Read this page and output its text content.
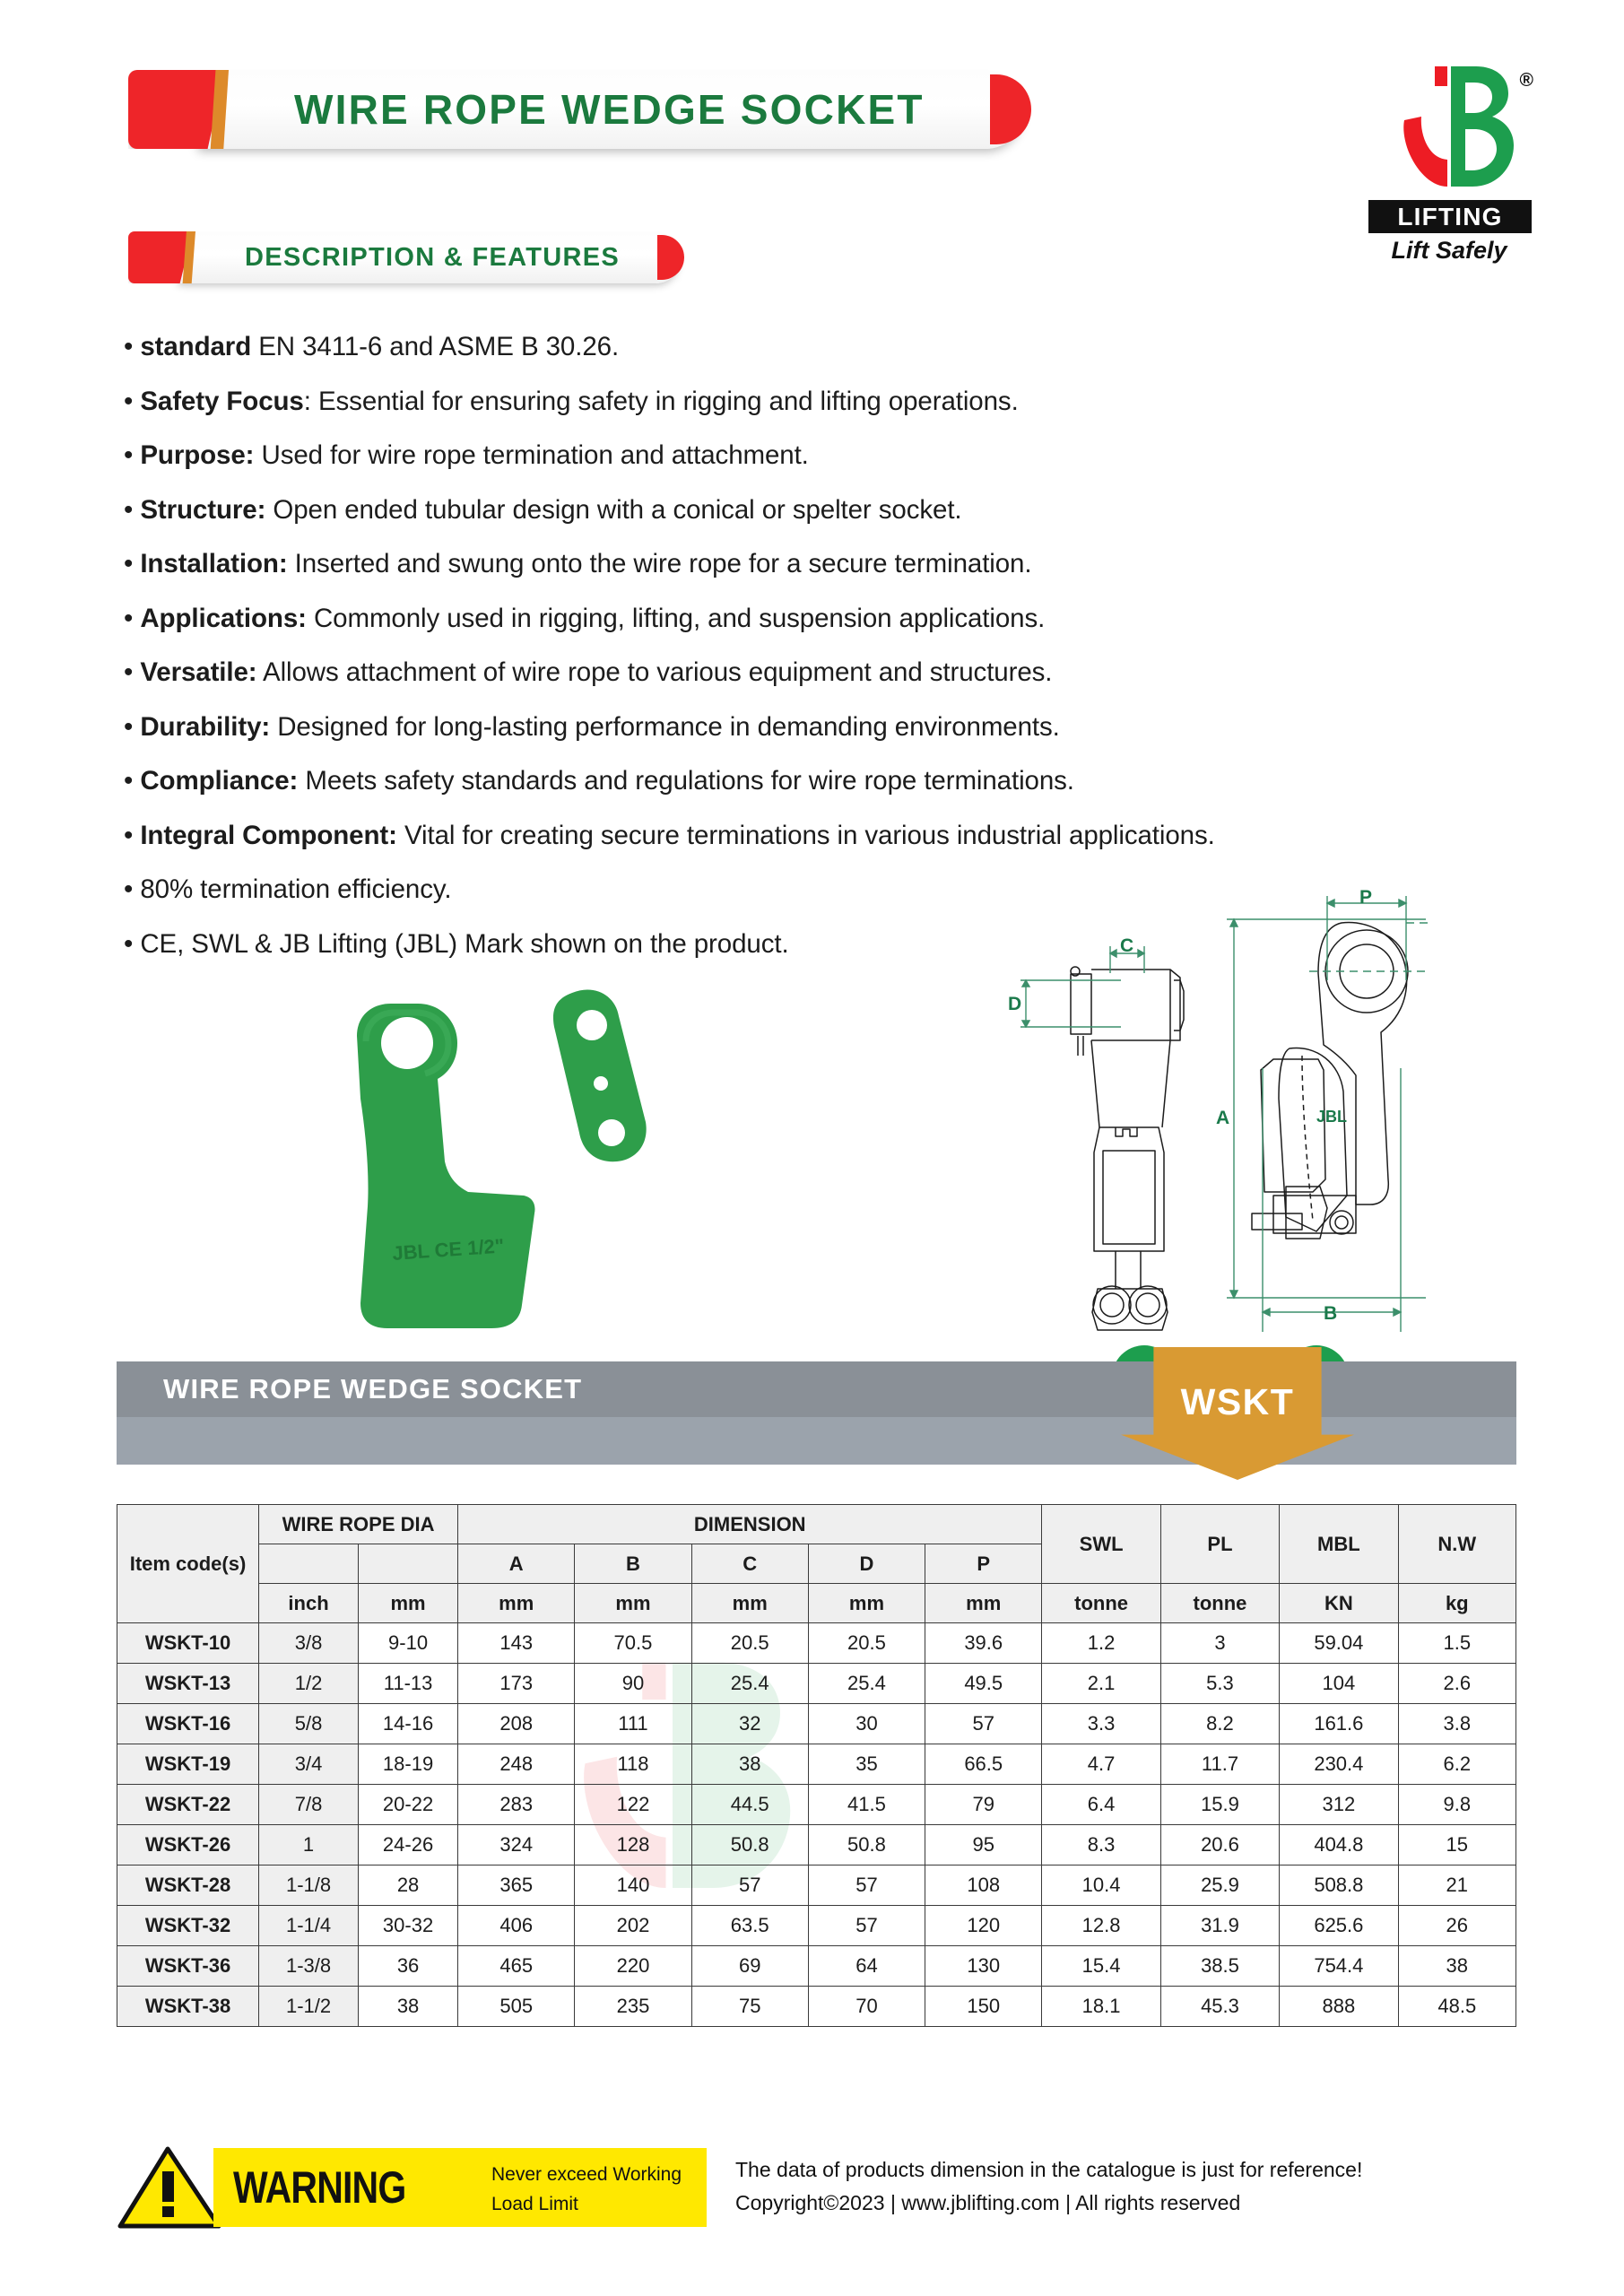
WIRE ROPE WEDGE SOCKET
®
LIFTING
Lift Safely
DESCRIPTION & FEATURES
• standard EN 3411-6 and ASME B 30.26.
• Safety Focus: Essential for ensuring safety in rigging and lifting operations.
• Purpose: Used for wire rope termination and attachment.
• Structure: Open ended tubular design with a conical or spelter socket.
• Installation: Inserted and swung onto the wire rope for a secure termination.
• Applications: Commonly used in rigging, lifting, and suspension applications.
• Versatile: Allows attachment of wire rope to various equipment and structures.
• Durability: Designed for long-lasting performance in demanding environments.
• Compliance: Meets safety standards and regulations for wire rope terminations.
• Integral Component: Vital for creating secure terminations in various industrial applications.
• 80% termination efficiency.
• CE, SWL & JB Lifting (JBL) Mark shown on the product.
JBL CE 1/2"
JBL
D
C
A
B
P
WIRE ROPE WEDGE SOCKET	WSKT
Item code(s)	WIRE ROPE DIA		DIMENSION					SWL	PL	MBL	N.W
			A	B	C	D	P				
	inch	mm	mm	mm	mm	mm	mm	tonne	tonne	KN	kg
WSKT-10	3/8	9-10	143	70.5	20.5	20.5	39.6	1.2	3	59.04	1.5
WSKT-13	1/2	11-13	173	90	25.4	25.4	49.5	2.1	5.3	104	2.6
WSKT-16	5/8	14-16	208	111	32	30	57	3.3	8.2	161.6	3.8
WSKT-19	3/4	18-19	248	118	38	35	66.5	4.7	11.7	230.4	6.2
WSKT-22	7/8	20-22	283	122	44.5	41.5	79	6.4	15.9	312	9.8
WSKT-26	1	24-26	324	128	50.8	50.8	95	8.3	20.6	404.8	15
WSKT-28	1-1/8	28	365	140	57	57	108	10.4	25.9	508.8	21
WSKT-32	1-1/4	30-32	406	202	63.5	57	120	12.8	31.9	625.6	26
WSKT-36	1-3/8	36	465	220	69	64	130	15.4	38.5	754.4	38
WSKT-38	1-1/2	38	505	235	75	70	150	18.1	45.3	888	48.5
WARNING	Never exceed Working Load Limit
The data of products dimension in the catalogue is just for reference!
Copyright©2023 | www.jblifting.com | All rights reserved
